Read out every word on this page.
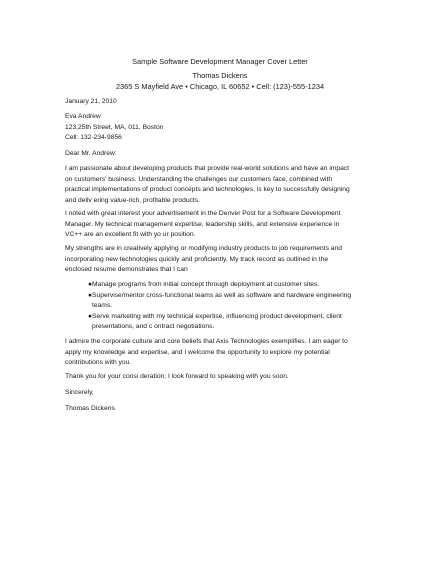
Sample Software Development Manager Cover Letter
Thomas Dickens
2365 S Mayfield Ave • Chicago, IL 60652 • Cell: (123)-555-1234
January 21, 2010
Eva Andrew
123,25th Street, MA, 011, Boston
Cell: 132-234-9856
Dear Mr. Andrew:
I am passionate about developing products that provide real-world solutions and have an impact
on customers' business. Understanding the challenges our customers face, combined with
practical implementations of product concepts and technologies, is key to successfully designing
and deliv ering value-rich, profitable products.
I noted with great interest your advertisement in the Denver Post for a Software Development
Manager. My technical management expertise, leadership skills, and extensive experience in
VC++ are an excellent fit with yo ur position.
My strengths are in creatively applying or modifying industry products to job requirements and
incorporating new technologies quickly and proficiently. My track record as outlined in the
enclosed resume demonstrates that I can
●Manage programs from initial concept through deployment at customer sites.
●Supervise/mentor cross-functional teams as well as software and hardware engineering
teams.
●Serve marketing with my technical expertise, influencing product development, client
presentations, and c ontract negotiations.
I admire the corporate culture and core beliefs that Axis Technologies exemplifies. I am eager to
apply my knowledge and expertise, and I welcome the opportunity to explore my potential
contributions with you.
Thank you for your consi deration; I look forward to speaking with you soon.
Sincerely,
Thomas Dickens
